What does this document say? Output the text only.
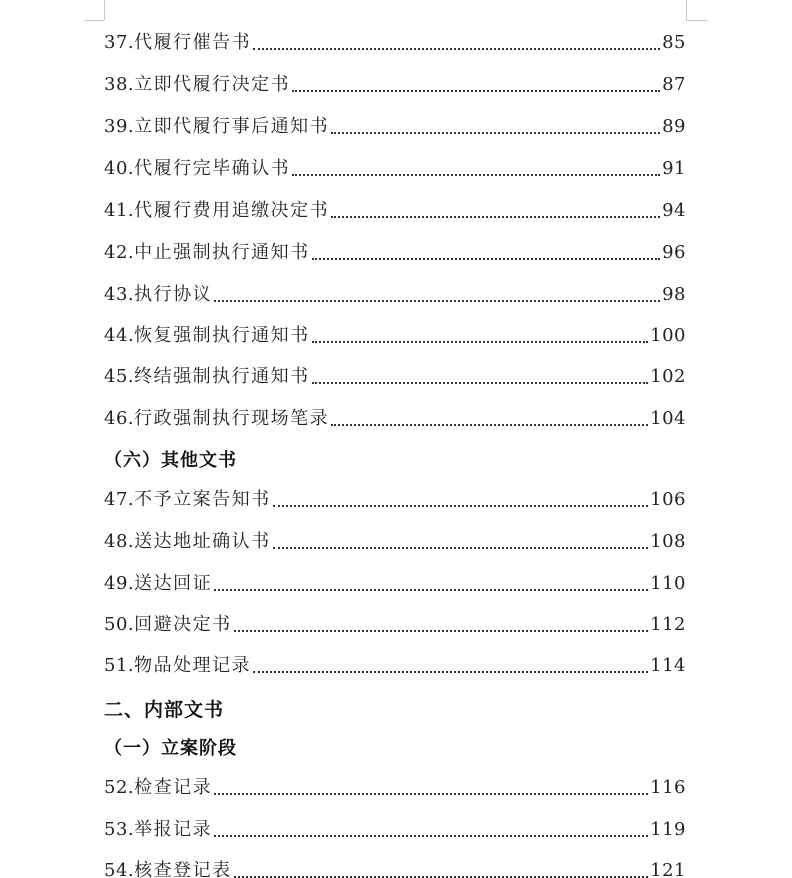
37. 代履行催告书	85
38. 立即代履行决定书	87
39. 立即代履行事后通知书	89
40. 代履行完毕确认书	91
41. 代履行费用追缴决定书	94
42. 中止强制执行通知书	96
43. 执行协议	98
44. 恢复强制执行通知书	100
45. 终结强制执行通知书	102
46. 行政强制执行现场笔录	104
（六）其他文书
47. 不予立案告知书	106
48. 送达地址确认书	108
49. 送达回证	110
50. 回避决定书	112
51. 物品处理记录	114
二、内部文书
（一）立案阶段
52. 检查记录	116
53. 举报记录	119
54. 核查登记表	121
